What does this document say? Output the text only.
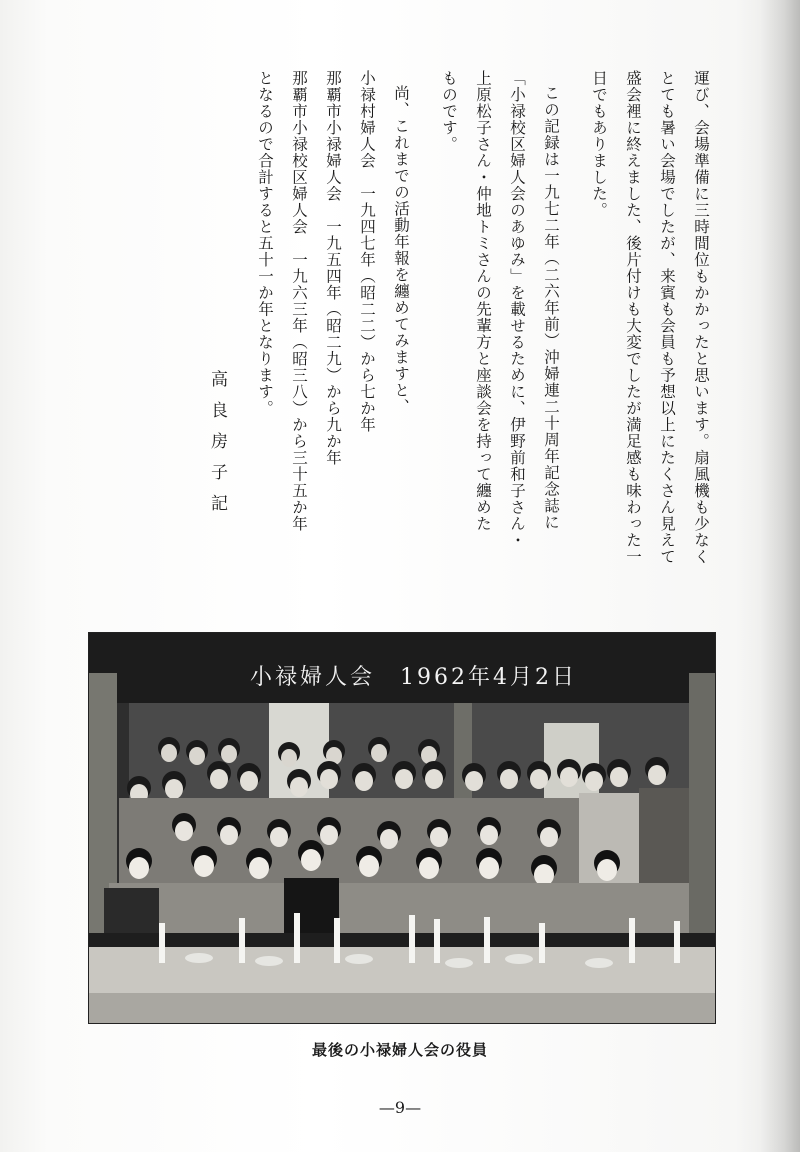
運び、会場準備に三時間位もかかったと思います。扇風機も少なく
とても暑い会場でしたが、来賓も会員も予想以上にたくさん見えて
盛会裡に終えました、後片付けも大変でしたが満足感も味わった一
日でもありました。
この記録は一九七二年（二六年前）沖婦連二十周年記念誌に
「小禄校区婦人会のあゆみ」を載せるために、伊野前和子さん・
上原松子さん・仲地トミさんの先輩方と座談会を持って纏めた
ものです。
尚、これまでの活動年報を纏めてみますと、
小禄村婦人会　一九四七年（昭二二）から七か年
那覇市小禄婦人会　一九五四年（昭二九）から九か年
那覇市小禄校区婦人会　一九六三年（昭三八）から三十五か年
となるので合計すると五十一か年となります。
高良房子記
小禄婦人会　1962年4月2日
最後の小禄婦人会の役員
—9—
